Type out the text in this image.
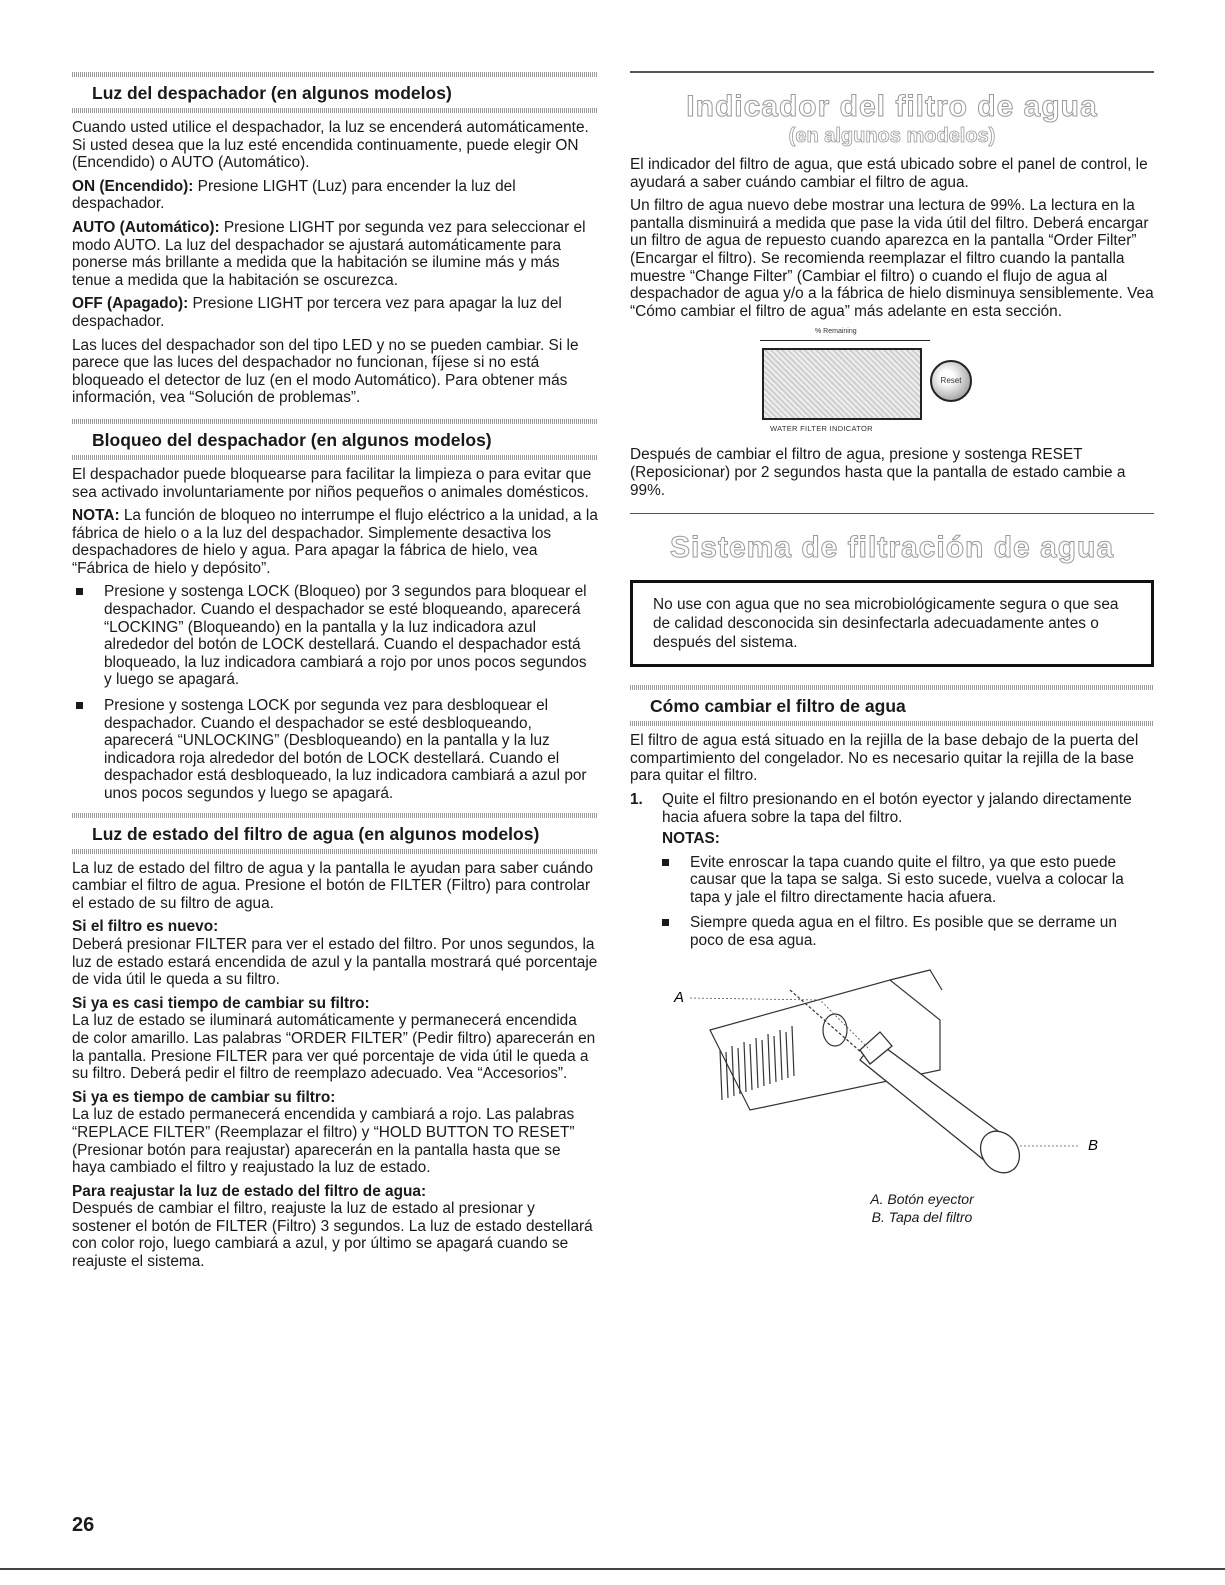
Luz del despachador (en algunos modelos)

Cuando usted utilice el despachador, la luz se encenderá automáticamente. Si usted desea que la luz esté encendida continuamente, puede elegir ON (Encendido) o AUTO (Automático).

ON (Encendido): Presione LIGHT (Luz) para encender la luz del despachador.

AUTO (Automático): Presione LIGHT por segunda vez para seleccionar el modo AUTO. La luz del despachador se ajustará automáticamente para ponerse más brillante a medida que la habitación se ilumine más y más tenue a medida que la habitación se oscurezca.

OFF (Apagado): Presione LIGHT por tercera vez para apagar la luz del despachador.

Las luces del despachador son del tipo LED y no se pueden cambiar. Si le parece que las luces del despachador no funcionan, fíjese si no está bloqueado el detector de luz (en el modo Automático). Para obtener más información, vea “Solución de problemas”.

Bloqueo del despachador (en algunos modelos)

El despachador puede bloquearse para facilitar la limpieza o para evitar que sea activado involuntariamente por niños pequeños o animales domésticos.

NOTA: La función de bloqueo no interrumpe el flujo eléctrico a la unidad, a la fábrica de hielo o a la luz del despachador. Simplemente desactiva los despachadores de hielo y agua. Para apagar la fábrica de hielo, vea “Fábrica de hielo y depósito”.

Presione y sostenga LOCK (Bloqueo) por 3 segundos para bloquear el despachador. Cuando el despachador se esté bloqueando, aparecerá “LOCKING” (Bloqueando) en la pantalla y la luz indicadora azul alrededor del botón de LOCK destellará. Cuando el despachador está bloqueado, la luz indicadora cambiará a rojo por unos pocos segundos y luego se apagará.
Presione y sostenga LOCK por segunda vez para desbloquear el despachador. Cuando el despachador se esté desbloqueando, aparecerá “UNLOCKING” (Desbloqueando) en la pantalla y la luz indicadora roja alrededor del botón de LOCK destellará. Cuando el despachador está desbloqueado, la luz indicadora cambiará a azul por unos pocos segundos y luego se apagará.
Luz de estado del filtro de agua (en algunos modelos)

La luz de estado del filtro de agua y la pantalla le ayudan para saber cuándo cambiar el filtro de agua. Presione el botón de FILTER (Filtro) para controlar el estado de su filtro de agua.

Si el filtro es nuevo:

Deberá presionar FILTER para ver el estado del filtro. Por unos segundos, la luz de estado estará encendida de azul y la pantalla mostrará qué porcentaje de vida útil le queda a su filtro.

Si ya es casi tiempo de cambiar su filtro:

La luz de estado se iluminará automáticamente y permanecerá encendida de color amarillo. Las palabras “ORDER FILTER” (Pedir filtro) aparecerán en la pantalla. Presione FILTER para ver qué porcentaje de vida útil le queda a su filtro. Deberá pedir el filtro de reemplazo adecuado. Vea “Accesorios”.

Si ya es tiempo de cambiar su filtro:

La luz de estado permanecerá encendida y cambiará a rojo. Las palabras “REPLACE FILTER” (Reemplazar el filtro) y “HOLD BUTTON TO RESET” (Presionar botón para reajustar) aparecerán en la pantalla hasta que se haya cambiado el filtro y reajustado la luz de estado.

Para reajustar la luz de estado del filtro de agua:

Después de cambiar el filtro, reajuste la luz de estado al presionar y sostener el botón de FILTER (Filtro) 3 segundos. La luz de estado destellará con color rojo, luego cambiará a azul, y por último se apagará cuando se reajuste el sistema.

Indicador del filtro de agua
(en algunos modelos)

El indicador del filtro de agua, que está ubicado sobre el panel de control, le ayudará a saber cuándo cambiar el filtro de agua.

Un filtro de agua nuevo debe mostrar una lectura de 99%. La lectura en la pantalla disminuirá a medida que pase la vida útil del filtro. Deberá encargar un filtro de agua de repuesto cuando aparezca en la pantalla “Order Filter” (Encargar el filtro). Se recomienda reemplazar el filtro cuando la pantalla muestre “Change Filter” (Cambiar el filtro) o cuando el flujo de agua al despachador de agua y/o a la fábrica de hielo disminuya sensiblemente. Vea “Cómo cambiar el filtro de agua” más adelante en esta sección.

% Remaining
Reset
WATER FILTER INDICATOR

Después de cambiar el filtro de agua, presione y sostenga RESET (Reposicionar) por 2 segundos hasta que la pantalla de estado cambie a 99%.

Sistema de filtración de agua

No use con agua que no sea microbiológicamente segura o que sea de calidad desconocida sin desinfectarla adecuadamente antes o después del sistema.

Cómo cambiar el filtro de agua

El filtro de agua está situado en la rejilla de la base debajo de la puerta del compartimiento del congelador. No es necesario quitar la rejilla de la base para quitar el filtro.

1. Quite el filtro presionando en el botón eyector y jalando directamente hacia afuera sobre la tapa del filtro.
NOTAS:
Evite enroscar la tapa cuando quite el filtro, ya que esto puede causar que la tapa se salga. Si esto sucede, vuelva a colocar la tapa y jale el filtro directamente hacia afuera.
Siempre queda agua en el filtro. Es posible que se derrame un poco de esa agua.
A
B
A. Botón eyector
B. Tapa del filtro
26
